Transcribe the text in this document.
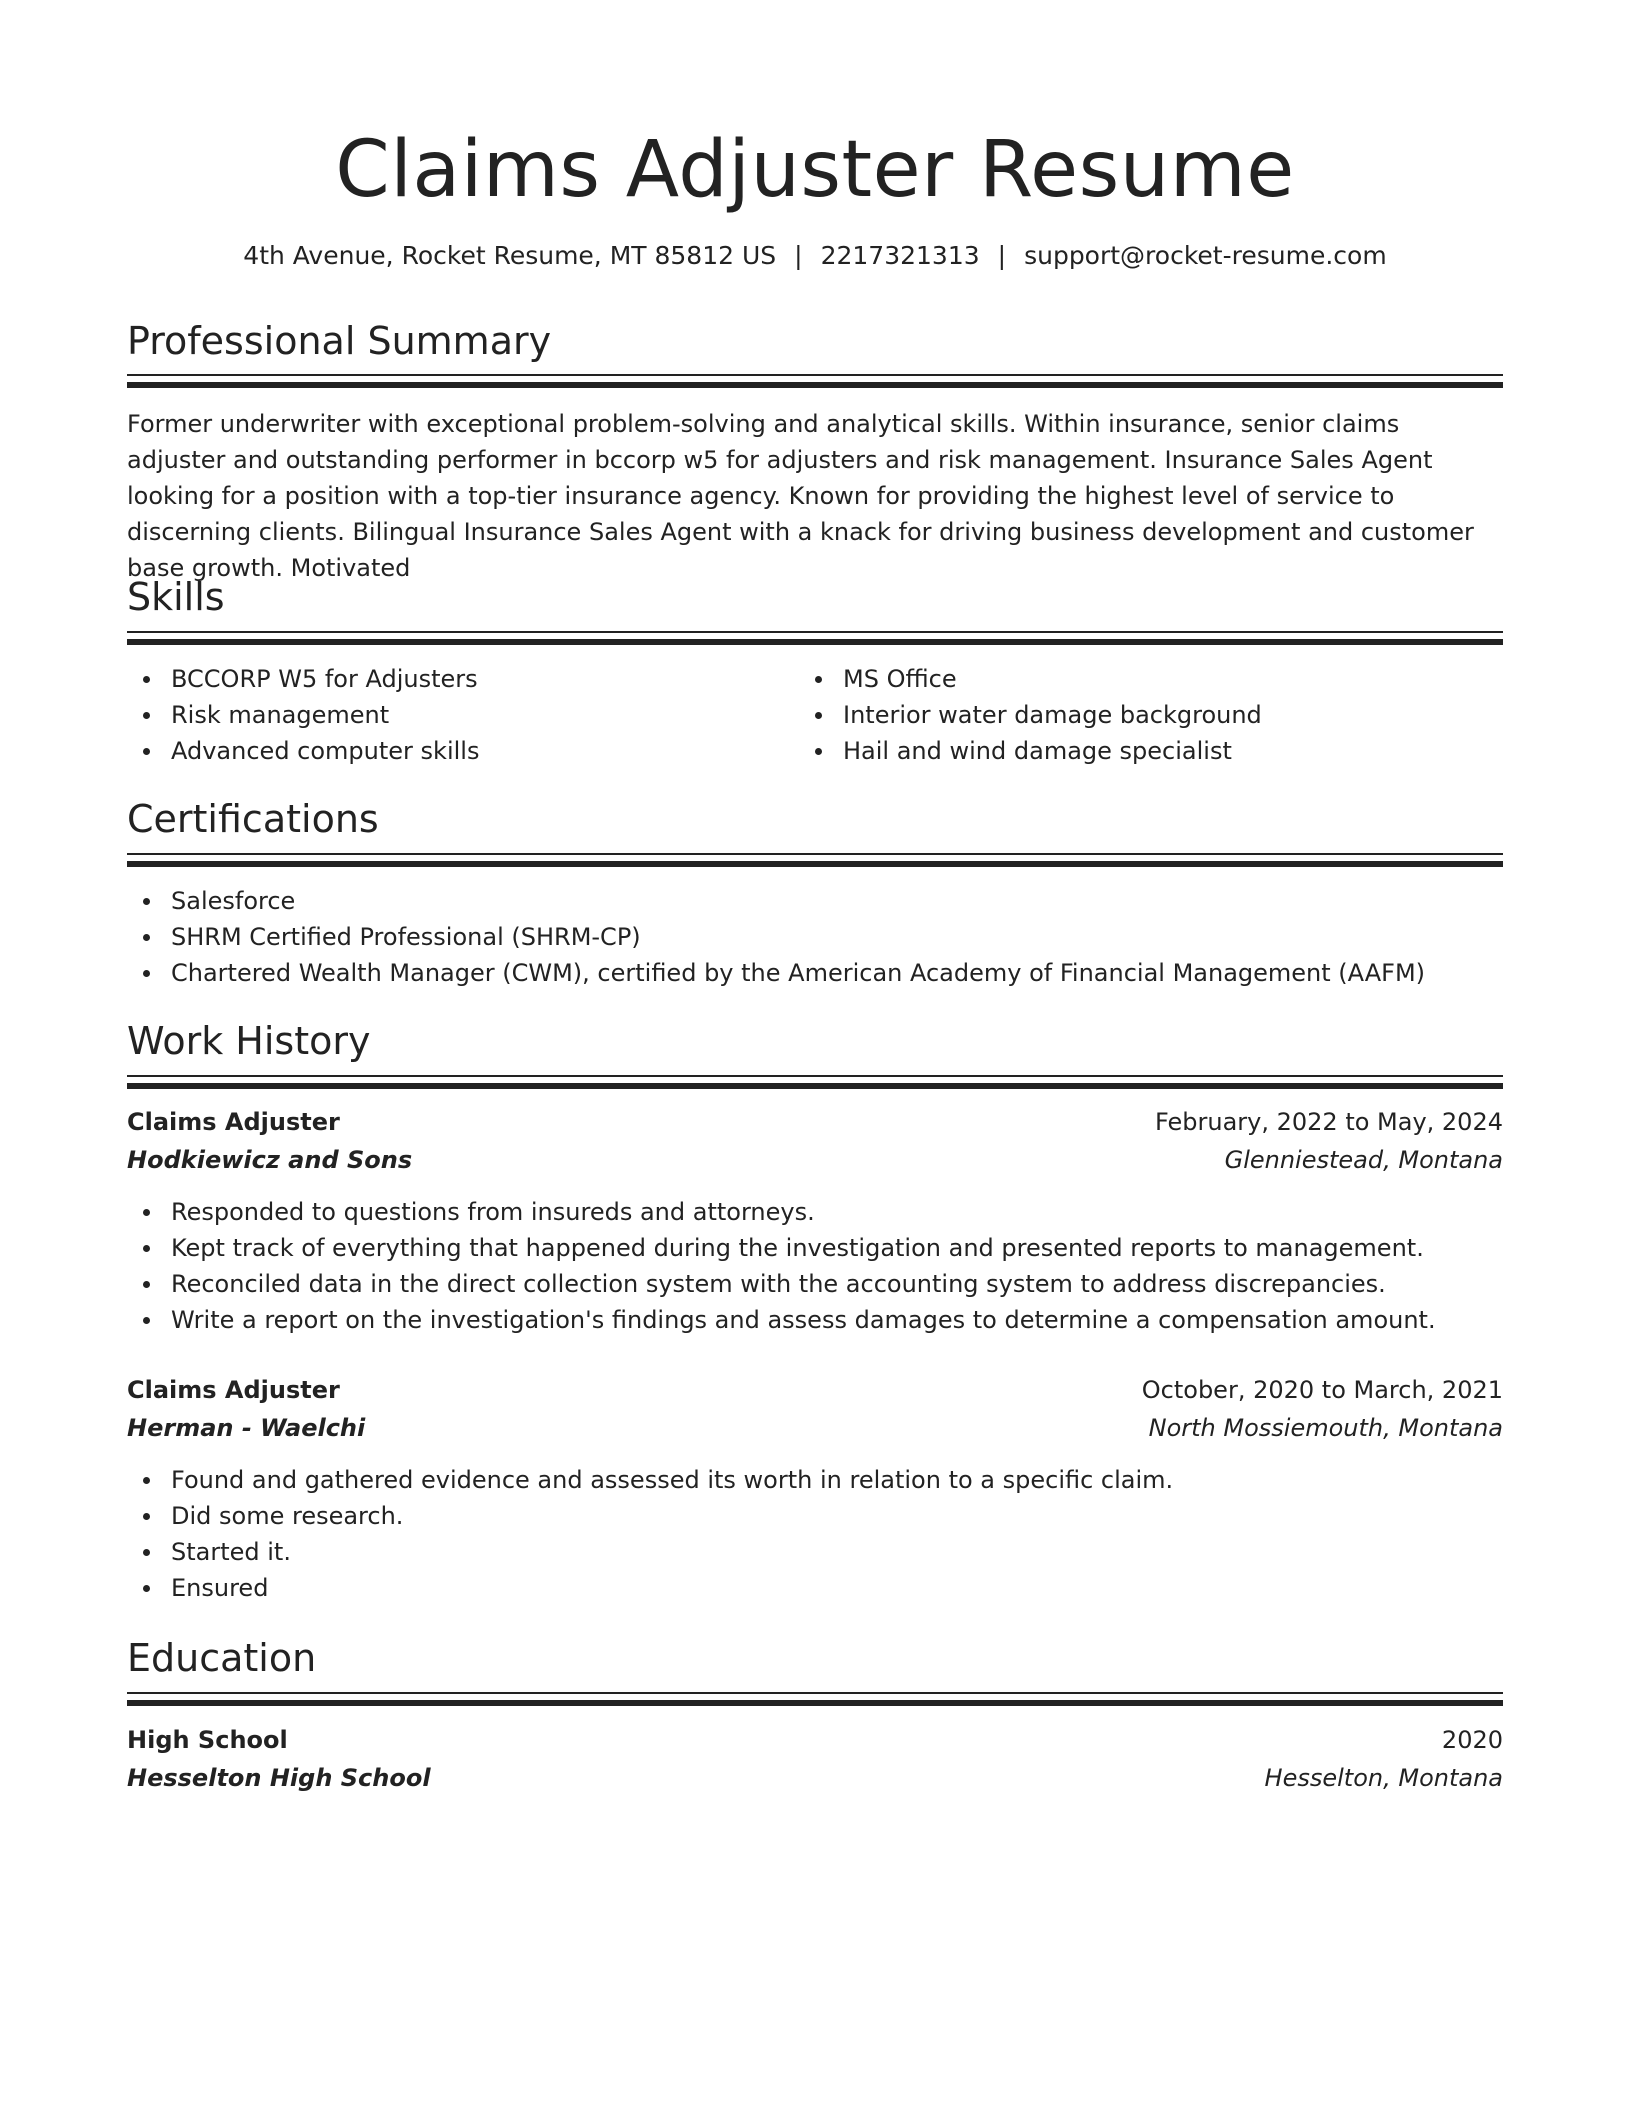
Claims Adjuster Resume
4th Avenue, Rocket Resume, MT 85812 US | 2217321313 | support@rocket-resume.com
Professional Summary

Former underwriter with exceptional problem-solving and analytical skills. Within insurance, senior claims adjuster and outstanding performer in bccorp w5 for adjusters and risk management. Insurance Sales Agent looking for a position with a top-tier insurance agency. Known for providing the highest level of service to discerning clients. Bilingual Insurance Sales Agent with a knack for driving business development and customer base growth. Motivated

Skills
BCCORP W5 for Adjusters
Risk management
Advanced computer skills
MS Office
Interior water damage background
Hail and wind damage specialist
Certifications
Salesforce
SHRM Certified Professional (SHRM-CP)
Chartered Wealth Manager (CWM), certified by the American Academy of Financial Management (AAFM)
Work History
Claims Adjuster	February, 2022 to May, 2024
Hodkiewicz and Sons	Glenniestead, Montana
Responded to questions from insureds and attorneys.
Kept track of everything that happened during the investigation and presented reports to management.
Reconciled data in the direct collection system with the accounting system to address discrepancies.
Write a report on the investigation's findings and assess damages to determine a compensation amount.
Claims Adjuster	October, 2020 to March, 2021
Herman - Waelchi	North Mossiemouth, Montana
Found and gathered evidence and assessed its worth in relation to a specific claim.
Did some research.
Started it.
Ensured
Education
High School	2020
Hesselton High School	Hesselton, Montana
